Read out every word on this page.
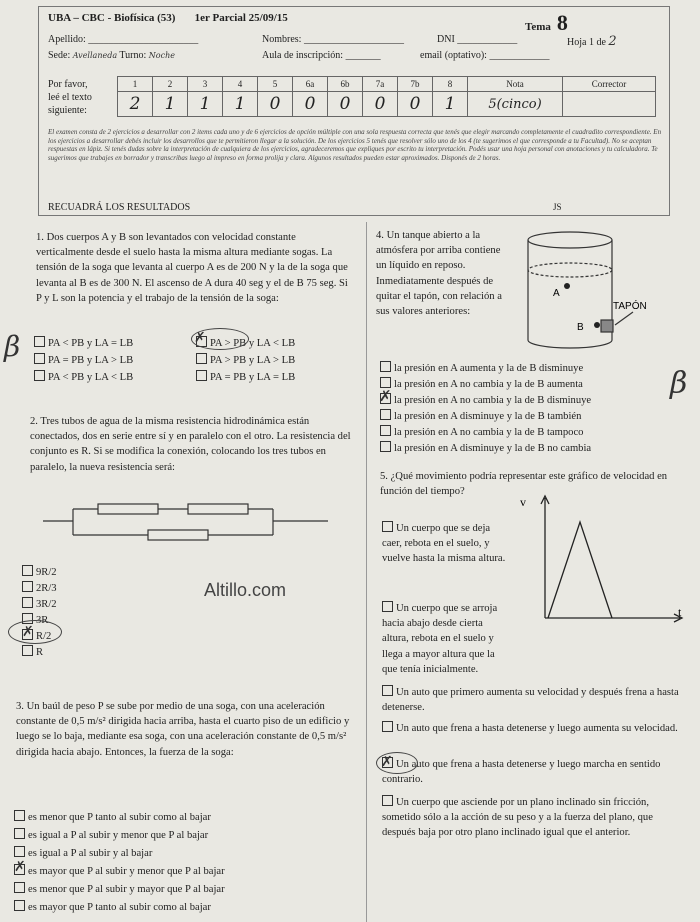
UBA – CBC - Biofísica (53) 1er Parcial 25/09/15
Tema 8
Apellido: ______________________	Nombres: ____________________	DNI ____________	Hoja 1 de 2
Sede: Avellaneda Turno: Noche	Aula de inscripción: _______	email (optativo): ____________
Por favor,
leé el texto
siguiente:
1	2	3	4	5	6a	6b	7a	7b	8	Nota	Corrector
2	1	1	1	0	0	0	0	0	1	5(cinco)	
El examen consta de 2 ejercicios a desarrollar con 2 items cada uno y de 6 ejercicios de opción múltiple con una sola respuesta correcta que tenés que elegir marcando completamente el cuadradito correspondiente. En los ejercicios a desarrollar debés incluir los desarrollos que te permitieron llegar a la solución. De los ejercicios 5 tenés que resolver sólo uno de los 4 (te sugerimos el que corresponde a tu Facultad). No se aceptan respuestas en lápiz. Si tenés dudas sobre la interpretación de cualquiera de los ejercicios, agradeceremos que expliques por escrito tu interpretación. Podés usar una hoja personal con anotaciones y tu calculadora. Te sugerimos que trabajes en borrador y transcribas luego al impreso en forma prolija y clara. Algunos resultados pueden estar aproximados. Disponés de 2 horas.
RECUADRÁ LOS RESULTADOS	JS
1. Dos cuerpos A y B son levantados con velocidad constante verticalmente desde el suelo hasta la misma altura mediante sogas. La tensión de la soga que levanta al cuerpo A es de 200 N y la de la soga que levanta al B es de 300 N. El ascenso de A dura 40 seg y el de B 75 seg. Si P y L son la potencia y el trabajo de la tensión de la soga:
PA < PB y LA = LB	PA > PB y LA < LB
PA = PB y LA > LB	PA > PB y LA > LB
PA < PB y LA < LB	PA = PB y LA = LB
✗
β
2. Tres tubos de agua de la misma resistencia hidrodinámica están conectados, dos en serie entre sí y en paralelo con el otro. La resistencia del conjunto es R. Si se modifica la conexión, colocando los tres tubos en paralelo, la nueva resistencia será:
9R/2
2R/3
3R/2
3R
R/2
R
✗
Altillo.com
3. Un baúl de peso P se sube por medio de una soga, con una aceleración constante de 0,5 m/s² dirigida hacia arriba, hasta el cuarto piso de un edificio y luego se lo baja, mediante esa soga, con una aceleración constante de 0,5 m/s² dirigida hacia abajo. Entonces, la fuerza de la soga:
es menor que P tanto al subir como al bajar
es igual a P al subir y menor que P al bajar
es igual a P al subir y al bajar
es mayor que P al subir y menor que P al bajar
es menor que P al subir y mayor que P al bajar
es mayor que P tanto al subir como al bajar
✗
4. Un tanque abierto a la atmósfera por arriba contiene un líquido en reposo. Inmediatamente después de quitar el tapón, con relación a sus valores anteriores:
A
B
TAPÓN
la presión en A aumenta y la de B disminuye
la presión en A no cambia y la de B aumenta
la presión en A no cambia y la de B disminuye
la presión en A disminuye y la de B también
la presión en A no cambia y la de B tampoco
la presión en A disminuye y la de B no cambia
✗	β
5. ¿Qué movimiento podría representar este gráfico de velocidad en función del tiempo?
v
t
Un cuerpo que se deja caer, rebota en el suelo, y vuelve hasta la misma altura.
Un cuerpo que se arroja hacia abajo desde cierta altura, rebota en el suelo y llega a mayor altura que la que tenía inicialmente.
Un auto que primero aumenta su velocidad y después frena a hasta detenerse.
Un auto que frena a hasta detenerse y luego aumenta su velocidad.
Un auto que frena a hasta detenerse y luego marcha en sentido contrario.
Un cuerpo que asciende por un plano inclinado sin fricción, sometido sólo a la acción de su peso y a la fuerza del plano, que después baja por otro plano inclinado igual que el anterior.
✗
